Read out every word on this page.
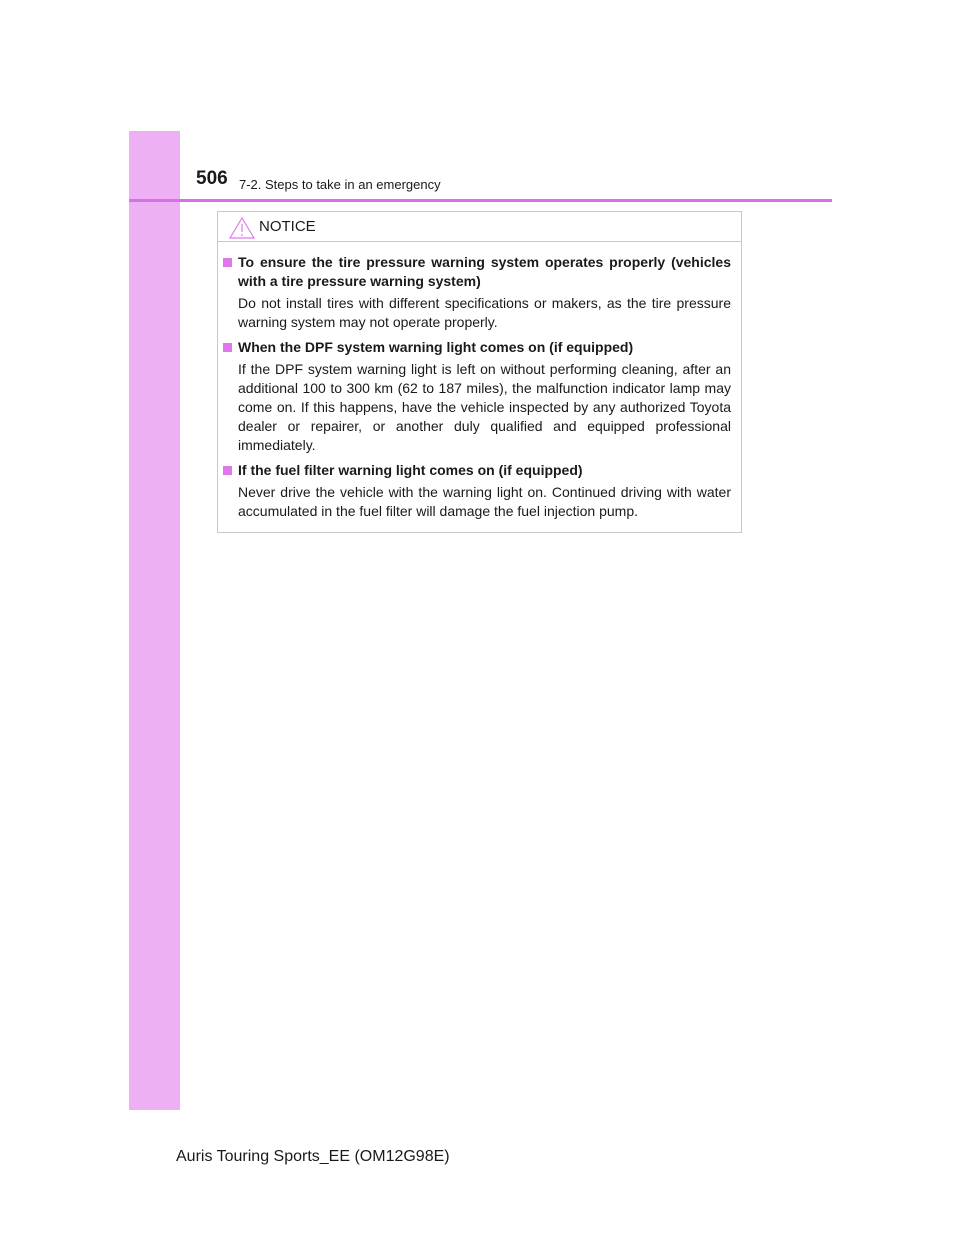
506 7-2. Steps to take in an emergency
NOTICE
To ensure the tire pressure warning system operates properly (vehicles with a tire pressure warning system)
Do not install tires with different specifications or makers, as the tire pressure warning system may not operate properly.
When the DPF system warning light comes on (if equipped)
If the DPF system warning light is left on without performing cleaning, after an additional 100 to 300 km (62 to 187 miles), the malfunction indicator lamp may come on. If this happens, have the vehicle inspected by any authorized Toyota dealer or repairer, or another duly qualified and equipped professional immediately.
If the fuel filter warning light comes on (if equipped)
Never drive the vehicle with the warning light on. Continued driving with water accumulated in the fuel filter will damage the fuel injection pump.
Auris Touring Sports_EE (OM12G98E)
